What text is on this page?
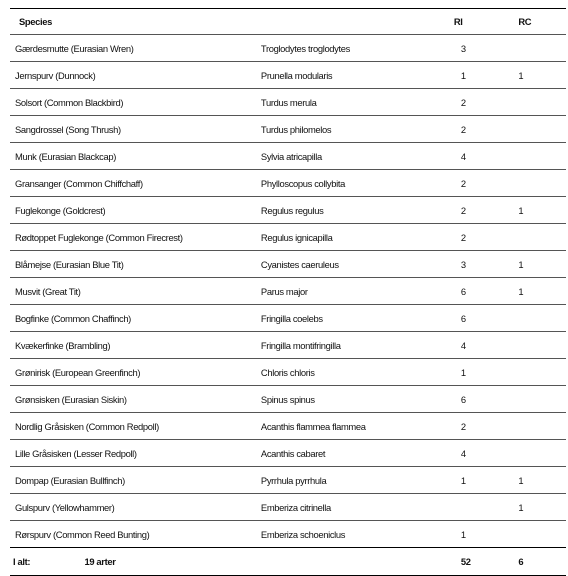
Species		RI	RC
Gærdesmutte (Eurasian Wren)	Troglodytes troglodytes	3	
Jernspurv (Dunnock)	Prunella modularis	1	1
Solsort (Common Blackbird)	Turdus merula	2	
Sangdrossel (Song Thrush)	Turdus philomelos	2	
Munk (Eurasian Blackcap)	Sylvia atricapilla	4	
Gransanger (Common Chiffchaff)	Phylloscopus collybita	2	
Fuglekonge (Goldcrest)	Regulus regulus	2	1
Rødtoppet Fuglekonge (Common Firecrest)	Regulus ignicapilla	2	
Blåmejse (Eurasian Blue Tit)	Cyanistes caeruleus	3	1
Musvit (Great Tit)	Parus major	6	1
Bogfinke (Common Chaffinch)	Fringilla coelebs	6	
Kvækerfinke (Brambling)	Fringilla montifringilla	4	
Grønirisk (European Greenfinch)	Chloris chloris	1	
Grønsisken (Eurasian Siskin)	Spinus spinus	6	
Nordlig Gråsisken (Common Redpoll)	Acanthis flammea flammea	2	
Lille Gråsisken (Lesser Redpoll)	Acanthis cabaret	4	
Dompap (Eurasian Bullfinch)	Pyrrhula pyrrhula	1	1
Gulspurv (Yellowhammer)	Emberiza citrinella		1
Rørspurv (Common Reed Bunting)	Emberiza schoeniclus	1	
I alt: 19 arter		52	6
